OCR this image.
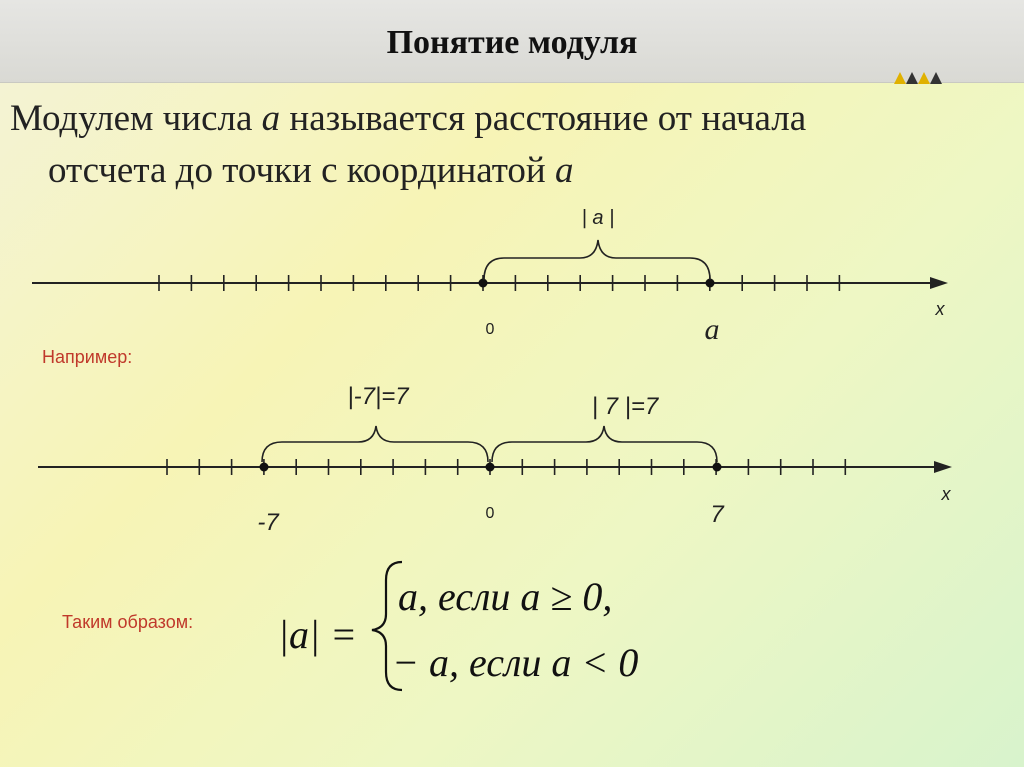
Понятие модуля
Модулем числа a называется расстояние от начала
отсчета до точки с координатой a
Например:
Таким образом:
| a |
0	a
x
|-7|=7	| 7 |=7
-7	0	7
x
|a| =
a, если a ≥ 0,
− a, если a < 0
